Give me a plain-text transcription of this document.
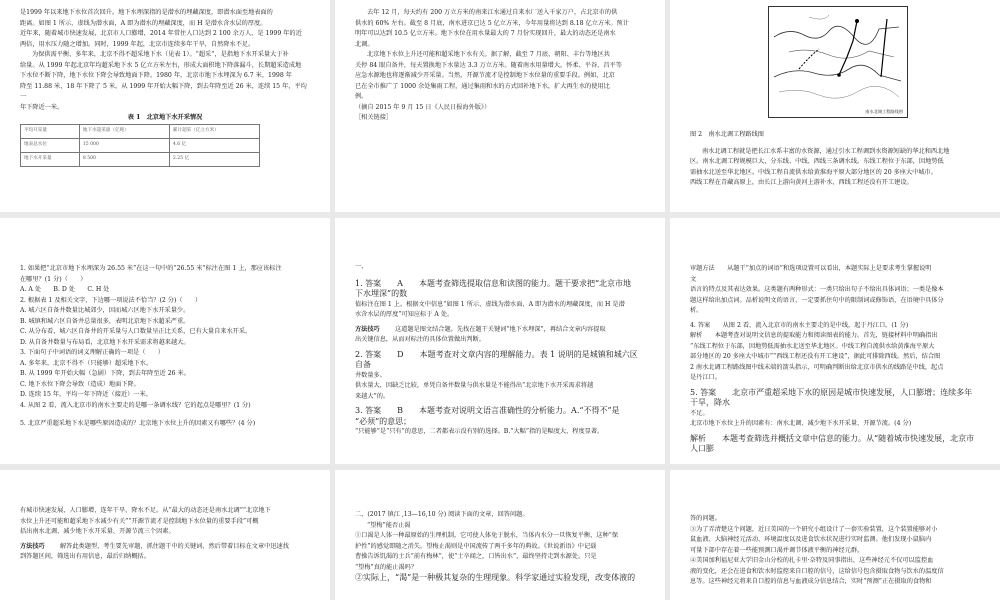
是1999 年以来地下水位首次回升。地下水埋深指的是潜水的埋藏深度，即潜水面至地表面的

距离。如图 1 所示，虚线为潜水面，A 即为潜水的埋藏深度，而 H 是潜水含水层的厚度。

近年来，随着城市快速发展，北京市人口膨增，2014 年常住人口达到 2 100 余万人，是 1999 年的近

两倍，用水压力随之增加。同时，1999 年起，北京市连续多年干旱，自然降水不足。

为保供需平衡，多年来，北京不得不超采地下水（见表 1）。“超采”，是指地下水开采量大于补

给量。从 1999 年起北京年均超采地下水 5 亿立方米左右，形成大面积地下降落漏斗，长期超采造成地

下水位不断下降，地下水位下降会导致地面下降。1980 年，北京市地下水埋深为 6.7 米，1998 年

降至 11.88 米，18 年下降了 5 米。从 1999 年开始大幅下降，到去年降至近 26 米，连续 15 年，平均一

年下降近一米。

表 1　北京地下水开采情况

平均开采量	地下水超采量（亿吨）	累计超采（亿立方米）
地表总水位	15 000	4.6 亿
地下水开采量	8 500	2.25 亿

去年 12 月，每天约有 200 万立方米的南来江水通过自来水厂送入千家万户，占北京市的供

供水的 60% 左右。截至 8 月底，南水进京已达 5 亿立方米，今年用量将达到 8.18 亿立方米。预计

明年可以达到 10.5 亿立方米。地下水位在用水量最大的 7 月份实现回升，最大的动态还是南水

北调。

北京地下水位上升还可能和超采地下水有关。据了解，截至 7 月底，朝阳、丰台等地区共

关停 84 眼自备井，每天置换地下水量达 3.3 万立方米。随着南水用量增大，怀柔、平谷、昌平等

应急水源地也将逐渐减少开采量。当然，开源节流才是控制地下水位量的重要手段。例如，北京

已在全市推广了 1000 余处集雨工程，通过集雨和水的方式回补地下水，扩大再生水的使用比

例。

（摘自 2015 年 9 月 15 日《人民日报海外版》）

［相关链接］

南水北调工程路线图

图 2　南水北调工程路线图

南水北调工程就是把长江水系丰富的水资源，通过引水工程调到水资源短缺的华北和西北地

区。南水北调工程规模巨大，分东线、中线、西线三条调水线。东线工程位于东部，因地势低

需抽水北送至华北地区。中线工程自流供水给黄淮海平原大部分地区的 20 多座大中城市。

西线工程在青藏高原上，由长江上游向黄河上游补水，西线工程还没有开工建设。

1. 如果把“北京市地下水埋深为 26.55 米”在这一句中的“26.55 米”标注在图 1 上，那应该标注

在哪里？(1 分)（　　）

A. A 处　　B. D 处　　C. H 处

2. 根据表 1 及相关文字，下边哪一项说法不恰当？(2 分)（　　）

A. 城六区自备井数量比城郊少，因而城六区地下水开采量少。

B. 城镇和城六区自备井总量很多，表明北京地下水超采严重。

C. 从分布看，城六区自备井的开采量与人口数量呈正比关系，已有大量自来水开采。

D. 从自备井数量与布局看，北京地下水开采需求将越来越大。

3. 下面句子中词语的词义理解正确的一项是（　　）

A. 多年来，北京不得不（只能够）超采地下水。

B. 从 1999 年开始大幅（急剧）下降，到去年降至近 26 米。

C. 地下水位下降会导致（造成）地面下降。

D. 连续 15 年，平均一年下降近（接近）一米。

4. 从图 2 看，流入北京市的南水主要走的是哪一条调水线？它的起点是哪里？(1 分)

5. 北京严重超采地下水是哪些原因造成的？北京地下水位上升的因素又有哪些？(4 分)

一、

1. 答案　　A　　本题考查筛选提取信息和读图的能力。题干要求把“北京市地

下水埋深”的数

值标注在图 1 上。根据文中信息“如图 1 所示，虚线为潜水面，A 即为潜水的埋藏深度，而 H 是潜

水含水层的厚度”可知应标于 A 处。

方法技巧 这道题是图文结合题。先找在题干关键词“地下水埋深”，再结合文章内容提取

出关键信息，从而对标注的具体位置做出判断。

2. 答案　　D　　本题考查对文章内容的理解能力。表 1 说明的是城镇和城六区自备

井数量多。

供水量大，因缺乏比较，单凭自备井数量与供水量是不能得出“北京地下水开采需求将越

来越大”的。

3. 答案　　B　　本题考查对说明文语言准确性的分析能力。A.“不得不”是

“必须”的意思；

“只能够”是“只有”的意思，二者都表示没有别的选择。B.“大幅”指的是幅度大，程度显著。

审题方法　　从题干“加点的词语”和选项设置可以看出，本题实际上是要求考生掌握说明

文

语言的特点及其表达效果。这类题有两种形式：一类只给出句子不给出具体词语；一类是像本

题这样给出加点词。品析说明文的语言，一定要抓住句中的限制词或修饰语，在语境中具体分

析。

4. 答案　　从图 2 看，流入北京市的南水主要走的是中线，起于丹江口。(1 分)

解析　　本题考查对说明文信息的提取能力和阅读图表的能力。首先，链接材料中明确指出

“东线工程位于东部，因地势低需抽水北送至华北地区。中线工程自流供水给黄淮海平原大

部分地区的 20 多座大中城市”“西线工程还没有开工建设”，据此可排除西线。然后，结合图

2 南水北调工程路线图中线末端的箭头指示，可明确判断出给北京市供水的线路是中线，起点

是丹江口。

5. 答案　　北京市严重超采地下水的原因是城市快速发展，人口膨增；连续多年干旱，降水

不足。

北京市地下水位上升的因素有：南水北调、减少地下水开采量、开源节流。(4 分)

解析　　本题考查筛选并概括文章中信息的能力。从“随着城市快速发展，北京市人口膨

有城市快速发展，人口膨增，连年干旱，降水不足。从“最大的动态还是南水北调”“北京地下

水位上升还可能和超采地下水减少有关”“开源节流才是控制地下水位量的重要手段”可概

括出南水北调、减少地下水开采量、开源节流三个因素。

方法技巧 解答此类题型，考生要先审题，抓住题干中的关键词，然后带着目标在文章中迅速找

到答题区间，筛选出有用信息，最后归纳概括。

二、(2017 镇江 ,13—16,10 分) 阅读下面的文章，回答问题。

“望梅”能否止渴

①口渴是人体一种最原始的生理机制，它可使人体免于脱水，当体内水分一旦恢复平衡，这种“保

护性”的感觉即随之消失。望梅止渴则是中国流传了两千多年的典故。《世说新语》中记载

曹操告诉饥渴的士兵“前有梅林”，使“士卒闻之，口皆出水”，最终坚持走到水源处。只是

“望梅”真的能止渴吗？

②实际上，“渴”是一种极其复杂的生理现象。科学家通过实验发现，改变体液的

答的问题。

③为了弄清楚这个问题，近日美国的一个研究小组设计了一套实验装置，这个装置能够对小

鼠血液、大脑神经元活动、环境温度以及进食饮水状况进行实时监测。他们发现小鼠脑内

可量下部中存在着一些能预测口渴并调节体液平衡的神经元群。

④美国加利福尼亚大学旧金山分校的扎卡里·奈特及同事指出，这些神经元不仅可以监控血

液的变化，还会在进食和饮水时监控来自口腔的信号，这给信号包含摄取食物与饮水的温度信

息等。这些神经元将来自口腔的信息与血液成分信息结合，实时“预测”正在摄取的食物和
